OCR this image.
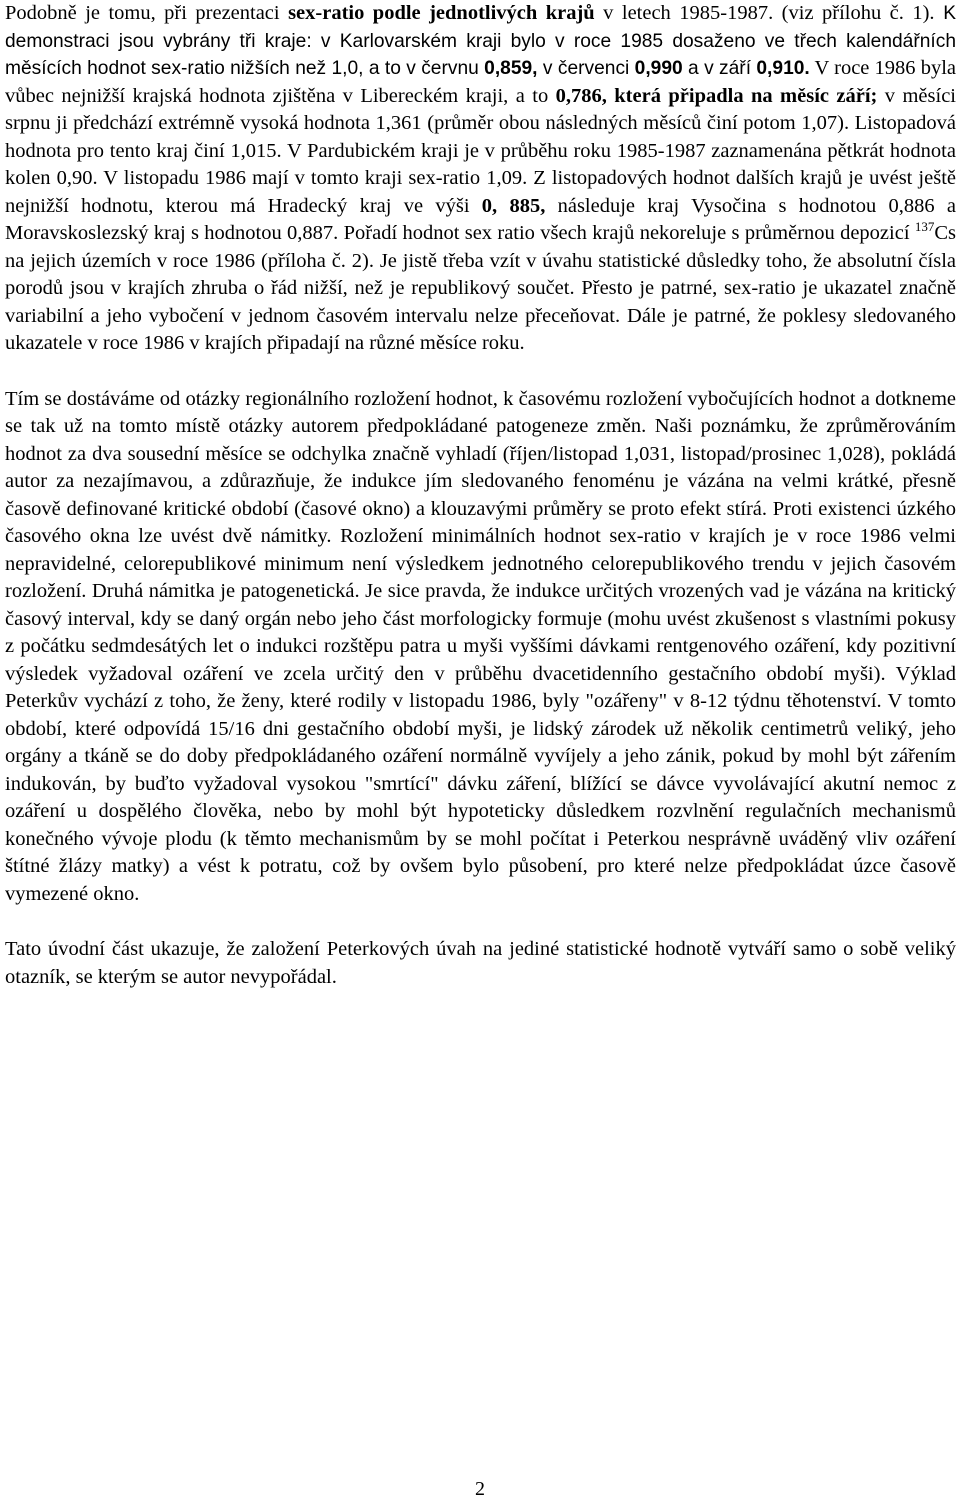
Podobně je tomu, při prezentaci sex-ratio podle jednotlivých krajů v letech 1985-1987. (viz přílohu č. 1). K demonstraci jsou vybrány tři kraje: v Karlovarském kraji bylo v roce 1985 dosaženo ve třech kalendářních měsících hodnot sex-ratio nižších než 1,0, a to v červnu 0,859, v červenci 0,990 a v září 0,910. V roce 1986 byla vůbec nejnižší krajská hodnota zjištěna v Libereckém kraji, a to 0,786, která připadla na měsíc září; v měsíci srpnu ji předchází extrémně vysoká hodnota 1,361 (průměr obou následných měsíců činí potom 1,07). Listopadová hodnota pro tento kraj činí 1,015. V Pardubickém kraji je v průběhu roku 1985-1987 zaznamenána pětkrát hodnota kolen 0,90. V listopadu 1986 mají v tomto kraji sex-ratio 1,09. Z listopadových hodnot dalších krajů je uvést ještě nejnižší hodnotu, kterou má Hradecký kraj ve výši 0, 885, následuje kraj Vysočina s hodnotou 0,886 a Moravskoslezský kraj s hodnotou 0,887. Pořadí hodnot sex ratio všech krajů nekoreluje s průměrnou depozicí $^{137}$Cs na jejich územích v roce 1986 (příloha č. 2). Je jistě třeba vzít v úvahu statistické důsledky toho, že absolutní čísla porodů jsou v krajích zhruba o řád nižší, než je republikový součet. Přesto je patrné, sex-ratio je ukazatel značně variabilní a jeho vybočení v jednom časovém intervalu nelze přeceňovat. Dále je patrné, že poklesy sledovaného ukazatele v roce 1986 v krajích připadají na různé měsíce roku.

Tím se dostáváme od otázky regionálního rozložení hodnot, k časovému rozložení vybočujících hodnot a dotkneme se tak už na tomto místě otázky autorem předpokládané patogeneze změn. Naši poznámku, že zprůměrováním hodnot za dva sousední měsíce se odchylka značně vyhladí (říjen/listopad 1,031, listopad/prosinec 1,028), pokládá autor za nezajímavou, a zdůrazňuje, že indukce jím sledovaného fenoménu je vázána na velmi krátké, přesně časově definované kritické období (časové okno) a klouzavými průměry se proto efekt stírá. Proti existenci úzkého časového okna lze uvést dvě námitky. Rozložení minimálních hodnot sex-ratio v krajích je v roce 1986 velmi nepravidelné, celorepublikové minimum není výsledkem jednotného celorepublikového trendu v jejich časovém rozložení. Druhá námitka je patogenetická. Je sice pravda, že indukce určitých vrozených vad je vázána na kritický časový interval, kdy se daný orgán nebo jeho část morfologicky formuje (mohu uvést zkušenost s vlastními pokusy z počátku sedmdesátých let o indukci rozštěpu patra u myši vyššími dávkami rentgenového ozáření, kdy pozitivní výsledek vyžadoval ozáření ve zcela určitý den v průběhu dvacetidenního gestačního období myši). Výklad Peterkův vychází z toho, že ženy, které rodily v listopadu 1986, byly "ozářeny" v 8-12 týdnu těhotenství. V tomto období, které odpovídá 15/16 dni gestačního období myši, je lidský zárodek už několik centimetrů veliký, jeho orgány a tkáně se do doby předpokládaného ozáření normálně vyvíjely a jeho zánik, pokud by mohl být zářením indukován, by buďto vyžadoval vysokou "smrtící" dávku záření, blížící se dávce vyvolávající akutní nemoc z ozáření u dospělého člověka, nebo by mohl být hypoteticky důsledkem rozvlnění regulačních mechanismů konečného vývoje plodu (k těmto mechanismům by se mohl počítat i Peterkou nesprávně uváděný vliv ozáření štítné žlázy matky) a vést k potratu, což by ovšem bylo působení, pro které nelze předpokládat úzce časově vymezené okno.

Tato úvodní část ukazuje, že založení Peterkových úvah na jediné statistické hodnotě vytváří samo o sobě veliký otazník, se kterým se autor nevypořádal.

2
